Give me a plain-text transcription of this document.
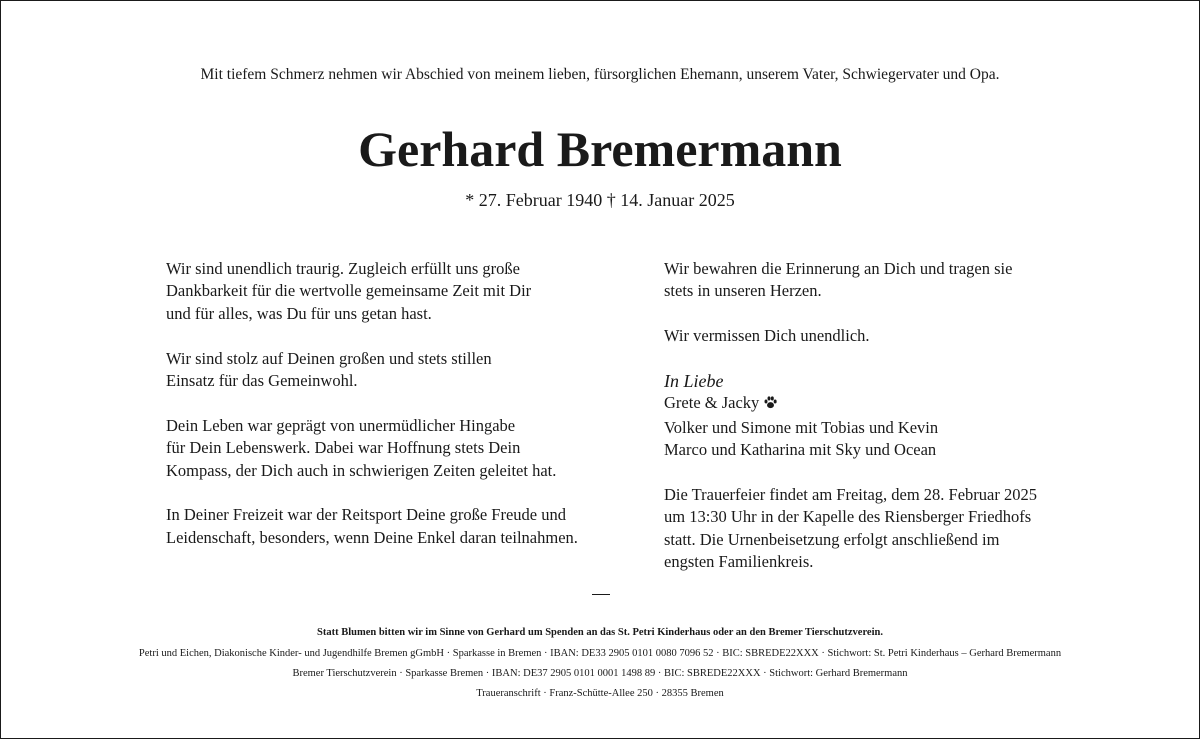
Mit tiefem Schmerz nehmen wir Abschied von meinem lieben, fürsorglichen Ehemann, unserem Vater, Schwiegervater und Opa.
Gerhard Bremermann
* 27. Februar 1940 † 14. Januar 2025

Wir sind unendlich traurig. Zugleich erfüllt uns große
Dankbarkeit für die wertvolle gemeinsame Zeit mit Dir
und für alles, was Du für uns getan hast.

Wir sind stolz auf Deinen großen und stets stillen
Einsatz für das Gemeinwohl.

Dein Leben war geprägt von unermüdlicher Hingabe
für Dein Lebenswerk. Dabei war Hoffnung stets Dein
Kompass, der Dich auch in schwierigen Zeiten geleitet hat.

In Deiner Freizeit war der Reitsport Deine große Freude und
Leidenschaft, besonders, wenn Deine Enkel daran teilnahmen.

Wir bewahren die Erinnerung an Dich und tragen sie
stets in unseren Herzen.

Wir vermissen Dich unendlich.

In Liebe
Grete & Jacky
Volker und Simone mit Tobias und Kevin
Marco und Katharina mit Sky und Ocean

Die Trauerfeier findet am Freitag, dem 28. Februar 2025
um 13:30 Uhr in der Kapelle des Riensberger Friedhofs
statt. Die Urnenbeisetzung erfolgt anschließend im
engsten Familienkreis.

Statt Blumen bitten wir im Sinne von Gerhard um Spenden an das St. Petri Kinderhaus oder an den Bremer Tierschutzverein.
Petri und Eichen, Diakonische Kinder- und Jugendhilfe Bremen gGmbH · Sparkasse in Bremen · IBAN: DE33 2905 0101 0080 7096 52 · BIC: SBREDE22XXX · Stichwort: St. Petri Kinderhaus – Gerhard Bremermann
Bremer Tierschutzverein · Sparkasse Bremen · IBAN: DE37 2905 0101 0001 1498 89 · BIC: SBREDE22XXX · Stichwort: Gerhard Bremermann
Traueranschrift · Franz-Schütte-Allee 250 · 28355 Bremen
